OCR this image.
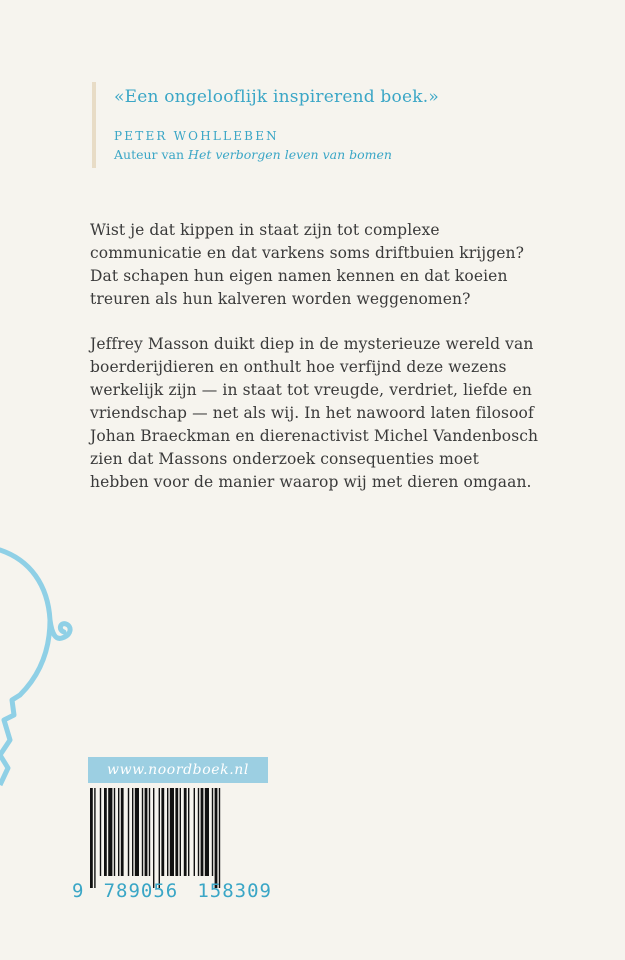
«Een ongelooflijk inspirerend boek.»
PETER WOHLLEBEN
Auteur van Het verborgen leven van bomen

Wist je dat kippen in staat zijn tot complexe communicatie en dat varkens soms driftbuien krijgen? Dat schapen hun eigen namen kennen en dat koeien treuren als hun kalveren worden weggenomen?

Jeffrey Masson duikt diep in de mysterieuze wereld van boerderijdieren en onthult hoe verfijnd deze wezens werkelijk zijn — in staat tot vreugde, verdriet, liefde en vriendschap — net als wij. In het nawoord laten filosoof Johan Braeckman en dierenactivist Michel Vandenbosch zien dat Massons onderzoek consequenties moet hebben voor de manier waarop wij met dieren omgaan.

www.noordboek.nl
9 789056 158309
